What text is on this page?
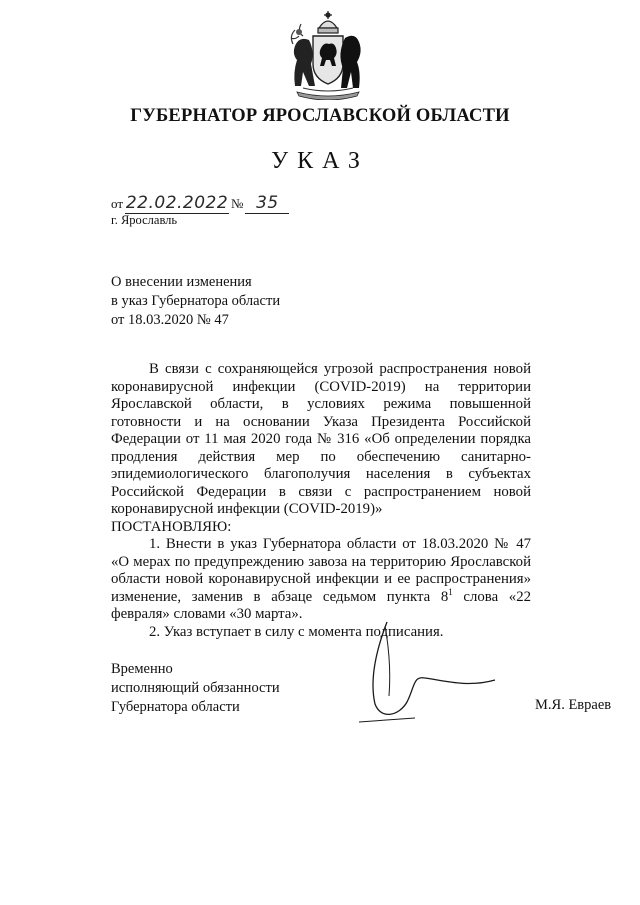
ГУБЕРНАТОР ЯРОСЛАВСКОЙ ОБЛАСТИ
УКАЗ
от 22.02.2022 № 35
г. Ярославль
О внесении изменения
в указ Губернатора области
от 18.03.2020 № 47
В связи с сохраняющейся угрозой распространения новой коронавирусной инфекции (COVID-2019) на территории Ярославской области, в условиях режима повышенной готовности и на основании Указа Президента Российской Федерации от 11 мая 2020 года № 316 «Об определении порядка продления действия мер по обеспечению санитарно-эпидемиологического благополучия населения в субъектах Российской Федерации в связи с распространением новой коронавирусной инфекции (COVID-2019)»
ПОСТАНОВЛЯЮ:
1. Внести в указ Губернатора области от 18.03.2020 № 47 «О мерах по предупреждению завоза на территорию Ярославской области новой коронавирусной инфекции и ее распространения» изменение, заменив в абзаце седьмом пункта $8^1$ слова «22 февраля» словами «30 марта».
2. Указ вступает в силу с момента подписания.
Временно
исполняющий обязанности
Губернатора области	М.Я. Евраев
